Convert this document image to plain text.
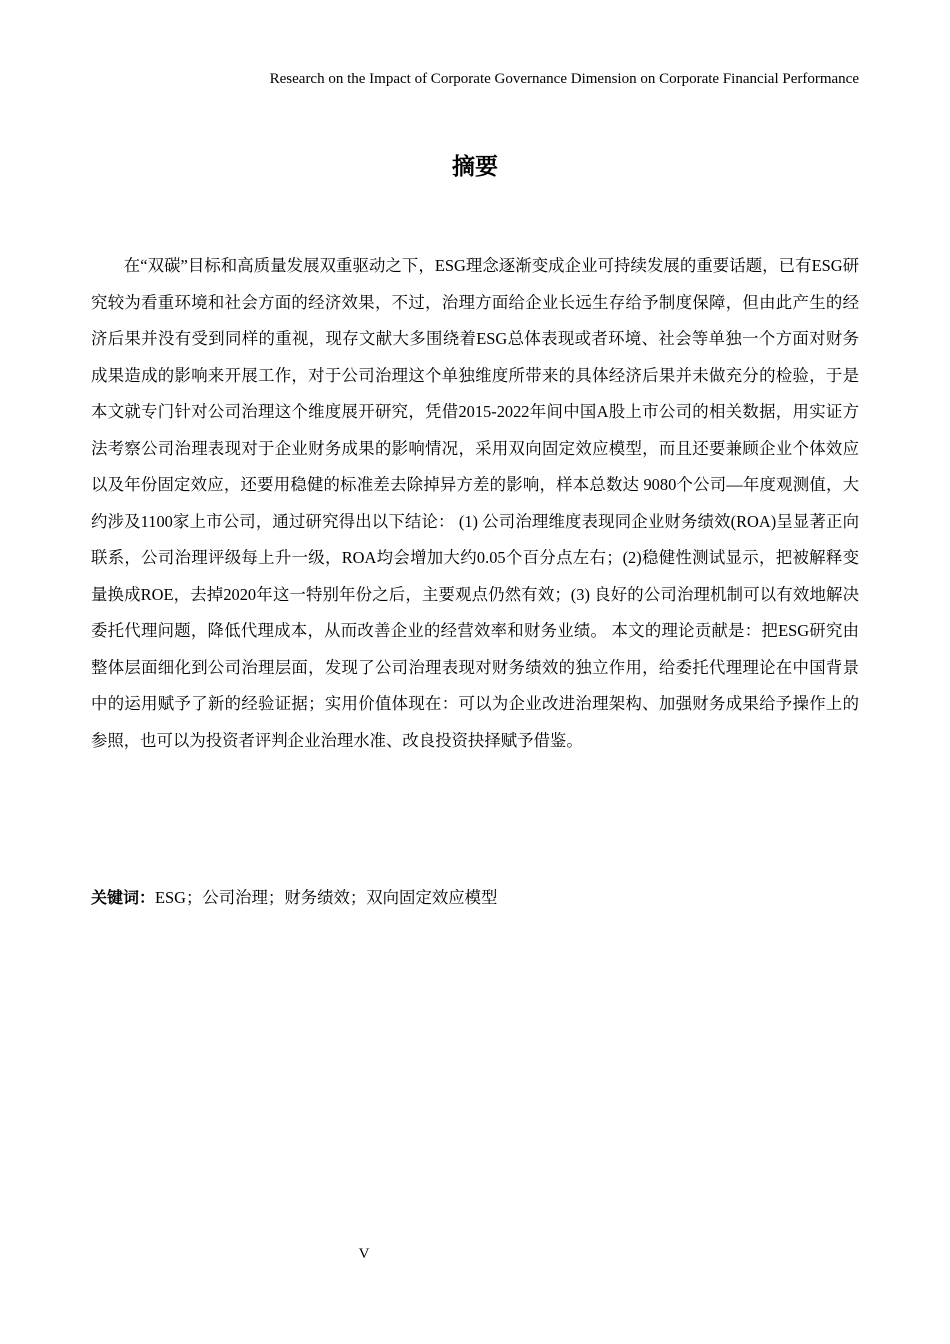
Research on the Impact of Corporate Governance Dimension on Corporate Financial Performance
摘要

在“双碳”目标和高质量发展双重驱动之下，ESG理念逐渐变成企业可持续发展的重要话题，已有ESG研究较为看重环境和社会方面的经济效果，不过，治理方面给企业长远生存给予制度保障，但由此产生的经济后果并没有受到同样的重视，现存文献大多围绕着ESG总体表现或者环境、社会等单独一个方面对财务成果造成的影响来开展工作，对于公司治理这个单独维度所带来的具体经济后果并未做充分的检验，于是本文就专门针对公司治理这个维度展开研究，凭借2015-2022年间中国A股上市公司的相关数据，用实证方法考察公司治理表现对于企业财务成果的影响情况，采用双向固定效应模型，而且还要兼顾企业个体效应以及年份固定效应，还要用稳健的标准差去除掉异方差的影响，样本总数达 9080个公司—年度观测值，大约涉及1100家上市公司，通过研究得出以下结论： (1) 公司治理维度表现同企业财务绩效(ROA)呈显著正向联系，公司治理评级每上升一级，ROA均会增加大约0.05个百分点左右；(2)稳健性测试显示，把被解释变量换成ROE，去掉2020年这一特别年份之后，主要观点仍然有效；(3) 良好的公司治理机制可以有效地解决委托代理问题，降低代理成本，从而改善企业的经营效率和财务业绩。 本文的理论贡献是：把ESG研究由整体层面细化到公司治理层面，发现了公司治理表现对财务绩效的独立作用，给委托代理理论在中国背景中的运用赋予了新的经验证据；实用价值体现在：可以为企业改进治理架构、加强财务成果给予操作上的参照，也可以为投资者评判企业治理水准、改良投资抉择赋予借鉴。

关键词：ESG；公司治理；财务绩效；双向固定效应模型

V
